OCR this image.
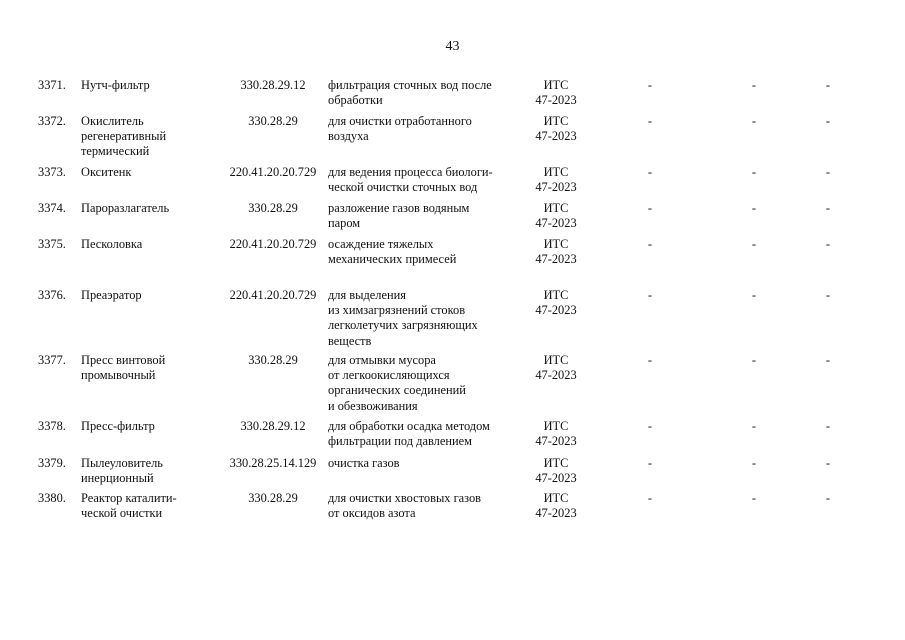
43
3371.	Нутч-фильтр	330.28.29.12	фильтрация сточных вод после
обработки
ИТС
47-2023
-	-	-
3372.	Окислитель
регенеративный
термический
330.28.29	для очистки отработанного
воздуха
ИТС
47-2023
-	-	-
3373.	Окситенк	220.41.20.20.729 для ведения процесса биологи-
ческой очистки сточных вод
ИТС
47-2023
-	-	-
3374.	Пароразлагатель	330.28.29	разложение газов водяным
паром
ИТС
47-2023
-	-	-
3375.	Песколовка	220.41.20.20.729 осаждение тяжелых
механических примесей
ИТС
47-2023
-	-	-
3376.	Преаэратор	220.41.20.20.729 для выделения
из химзагрязнений стоков
легколетучих загрязняющих
веществ
ИТС
47-2023
-	-	-
3377.	Пресс винтовой
промывочный
330.28.29	для отмывки мусора
от легкоокисляющихся
органических соединений
и обезвоживания
ИТС
47-2023
-	-	-
3378.	Пресс-фильтр	330.28.29.12	для обработки осадка методом
фильтрации под давлением
ИТС
47-2023
-	-	-
3379.	Пылеуловитель
инерционный
330.28.25.14.129 очистка газов	ИТС
47-2023
-	-	-
3380.	Реактор каталити-
ческой очистки
330.28.29	для очистки хвостовых газов
от оксидов азота
ИТС
47-2023
-	-	-
